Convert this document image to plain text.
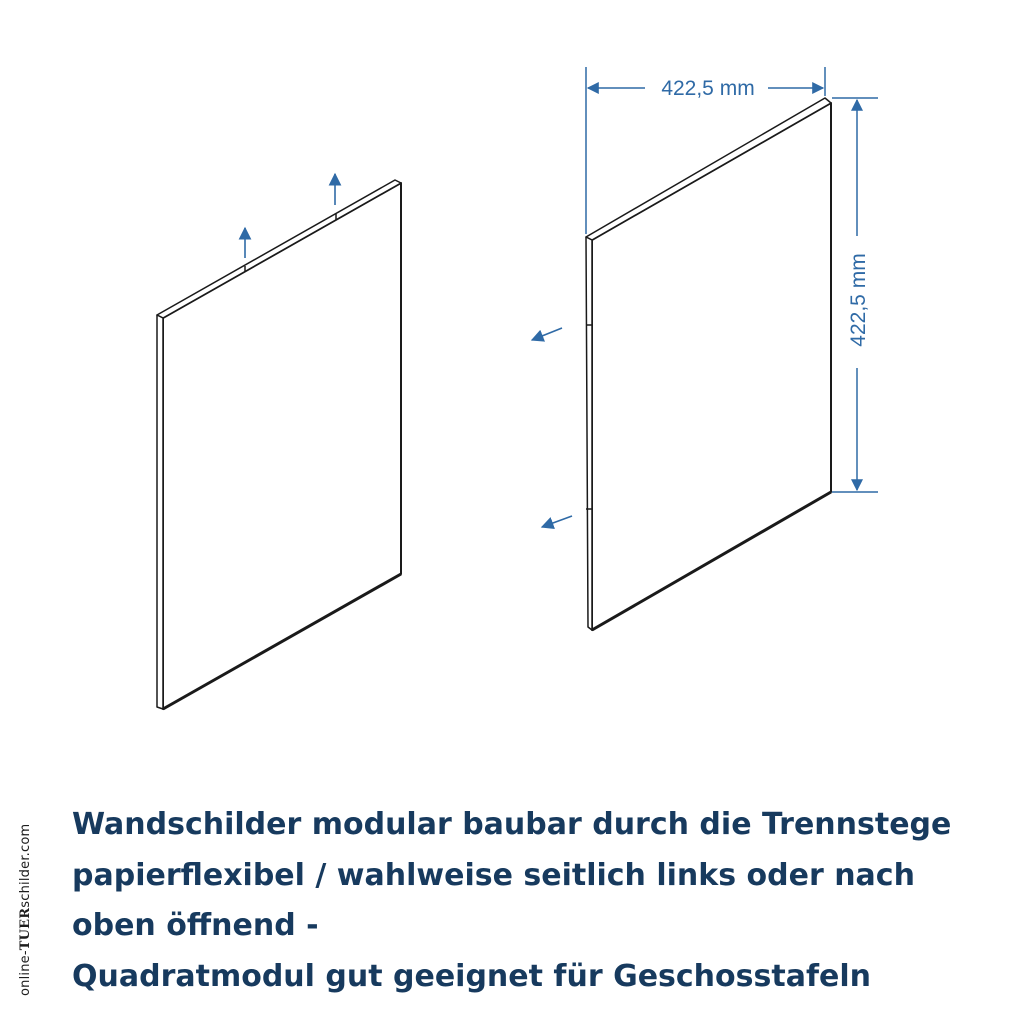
422,5 mm
422,5 mm
Wandschilder modular baubar durch die Trennstege
papierflexibel / wahlweise seitlich links oder nach
oben öffnend -
Quadratmodul gut geeignet für Geschosstafeln
online-TUERschilder.com
